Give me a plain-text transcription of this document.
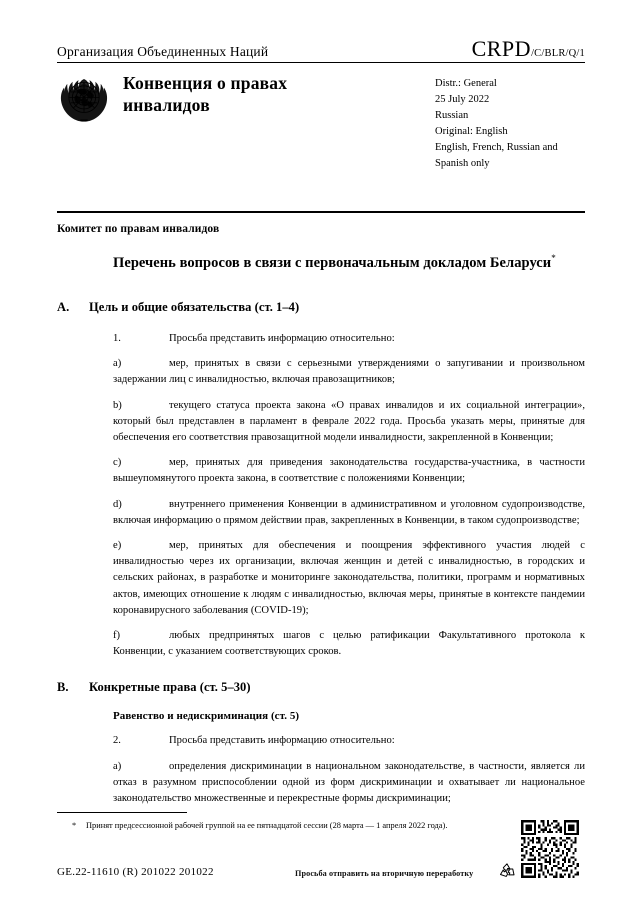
Организация Объединенных Наций	CRPD/C/BLR/Q/1
Конвенция о правах инвалидов
Distr.: General
25 July 2022
Russian
Original: English
English, French, Russian and
Spanish only
Комитет по правам инвалидов
Перечень вопросов в связи с первоначальным докладом Беларуси*
A.	Цель и общие обязательства (ст. 1–4)
1.	Просьба представить информацию относительно:
a)	мер, принятых в связи с серьезными утверждениями о запугивании и произвольном задержании лиц с инвалидностью, включая правозащитников;
b)	текущего статуса проекта закона «О правах инвалидов и их социальной интеграции», который был представлен в парламент в феврале 2022 года. Просьба указать меры, принятые для обеспечения его соответствия правозащитной модели инвалидности, закрепленной в Конвенции;
c)	мер, принятых для приведения законодательства государства-участника, в частности вышеупомянутого проекта закона, в соответствие с положениями Конвенции;
d)	внутреннего применения Конвенции в административном и уголовном судопроизводстве, включая информацию о прямом действии прав, закрепленных в Конвенции, в таком судопроизводстве;
e)	мер, принятых для обеспечения и поощрения эффективного участия людей с инвалидностью через их организации, включая женщин и детей с инвалидностью, в городских и сельских районах, в разработке и мониторинге законодательства, политики, программ и нормативных актов, имеющих отношение к людям с инвалидностью, включая меры, принятые в контексте пандемии коронавирусного заболевания (COVID-19);
f)	любых предпринятых шагов с целью ратификации Факультативного протокола к Конвенции, с указанием соответствующих сроков.
B.	Конкретные права (ст. 5–30)
Равенство и недискриминация (ст. 5)
2.	Просьба представить информацию относительно:
a)	определения дискриминации в национальном законодательстве, в частности, является ли отказ в разумном приспособлении одной из форм дискриминации и охватывает ли национальное законодательство множественные и перекрестные формы дискриминации;
* Принят предсессионной рабочей группой на ее пятнадцатой сессии (28 марта — 1 апреля 2022 года).
GE.22-11610 (R) 201022 201022	Просьба отправить на вторичную переработку
